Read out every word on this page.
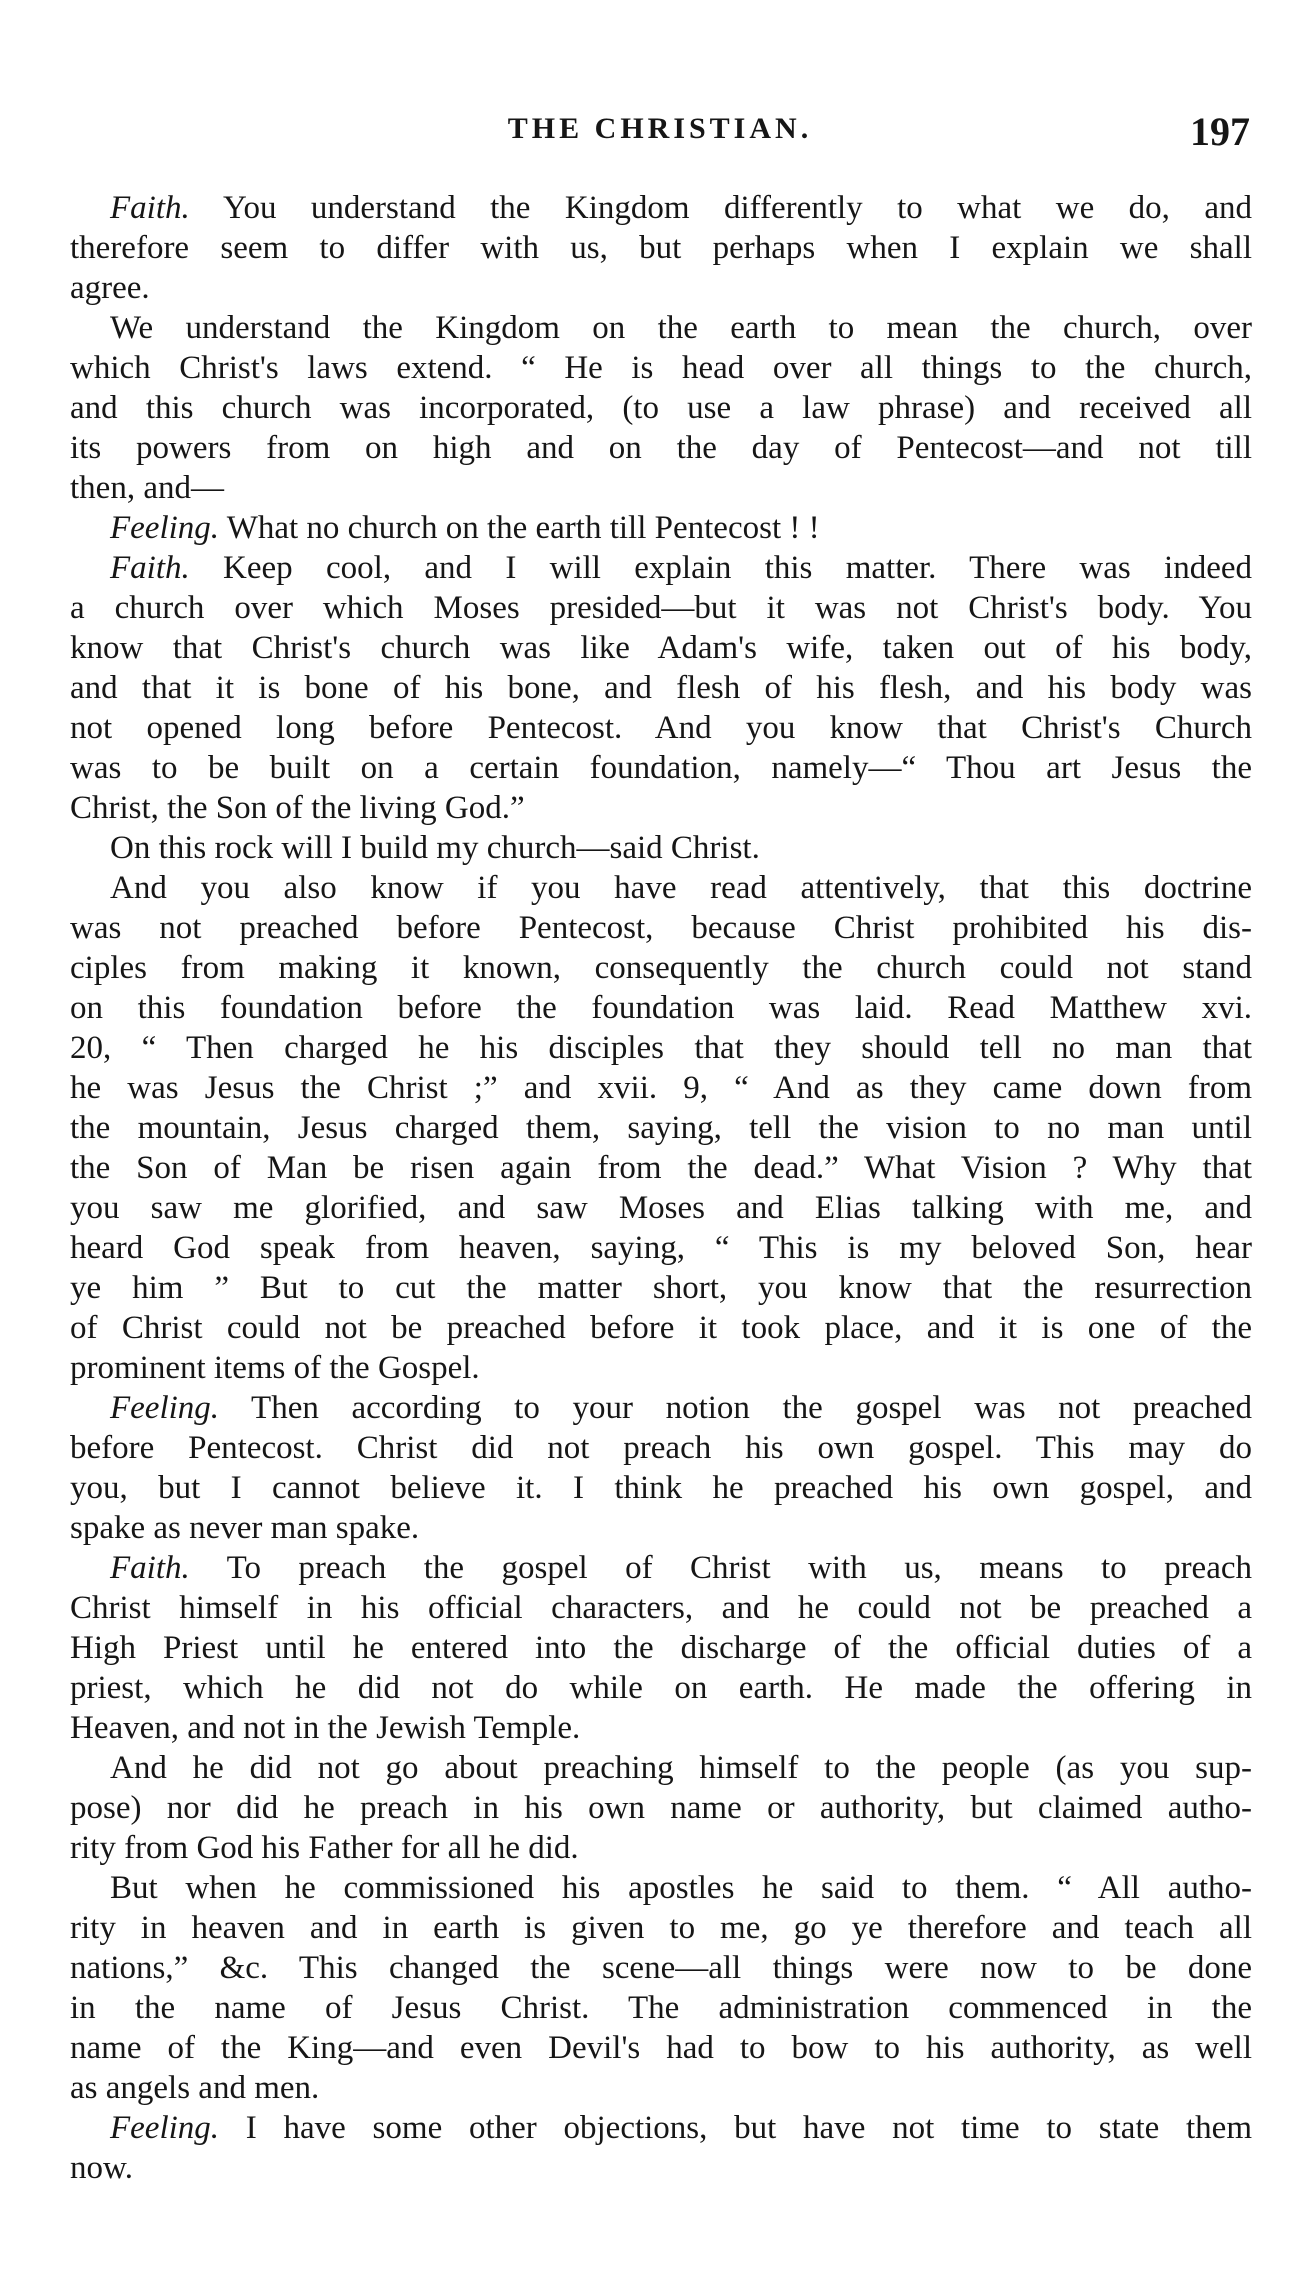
THE CHRISTIAN.	197
Faith. You understand the Kingdom differently to what we do, and
therefore seem to differ with us, but perhaps when I explain we shall
agree.
We understand the Kingdom on the earth to mean the church, over
which Christ's laws extend. “ He is head over all things to the church,
and this church was incorporated, (to use a law phrase) and received all
its powers from on high and on the day of Pentecost—and not till
then, and—
Feeling. What no church on the earth till Pentecost ! !
Faith. Keep cool, and I will explain this matter. There was indeed
a church over which Moses presided—but it was not Christ's body. You
know that Christ's church was like Adam's wife, taken out of his body,
and that it is bone of his bone, and flesh of his flesh, and his body was
not opened long before Pentecost. And you know that Christ's Church
was to be built on a certain foundation, namely—“ Thou art Jesus the
Christ, the Son of the living God.”
On this rock will I build my church—said Christ.
And you also know if you have read attentively, that this doctrine
was not preached before Pentecost, because Christ prohibited his dis-
ciples from making it known, consequently the church could not stand
on this foundation before the foundation was laid. Read Matthew xvi.
20, “ Then charged he his disciples that they should tell no man that
he was Jesus the Christ ;” and xvii. 9, “ And as they came down from
the mountain, Jesus charged them, saying, tell the vision to no man until
the Son of Man be risen again from the dead.” What Vision ? Why that
you saw me glorified, and saw Moses and Elias talking with me, and
heard God speak from heaven, saying, “ This is my beloved Son, hear
ye him ” But to cut the matter short, you know that the resurrection
of Christ could not be preached before it took place, and it is one of the
prominent items of the Gospel.
Feeling. Then according to your notion the gospel was not preached
before Pentecost. Christ did not preach his own gospel. This may do
you, but I cannot believe it. I think he preached his own gospel, and
spake as never man spake.
Faith. To preach the gospel of Christ with us, means to preach
Christ himself in his official characters, and he could not be preached a
High Priest until he entered into the discharge of the official duties of a
priest, which he did not do while on earth. He made the offering in
Heaven, and not in the Jewish Temple.
And he did not go about preaching himself to the people (as you sup-
pose) nor did he preach in his own name or authority, but claimed autho-
rity from God his Father for all he did.
But when he commissioned his apostles he said to them. “ All autho-
rity in heaven and in earth is given to me, go ye therefore and teach all
nations,” &c. This changed the scene—all things were now to be done
in the name of Jesus Christ. The administration commenced in the
name of the King—and even Devil's had to bow to his authority, as well
as angels and men.
Feeling. I have some other objections, but have not time to state them
now.
